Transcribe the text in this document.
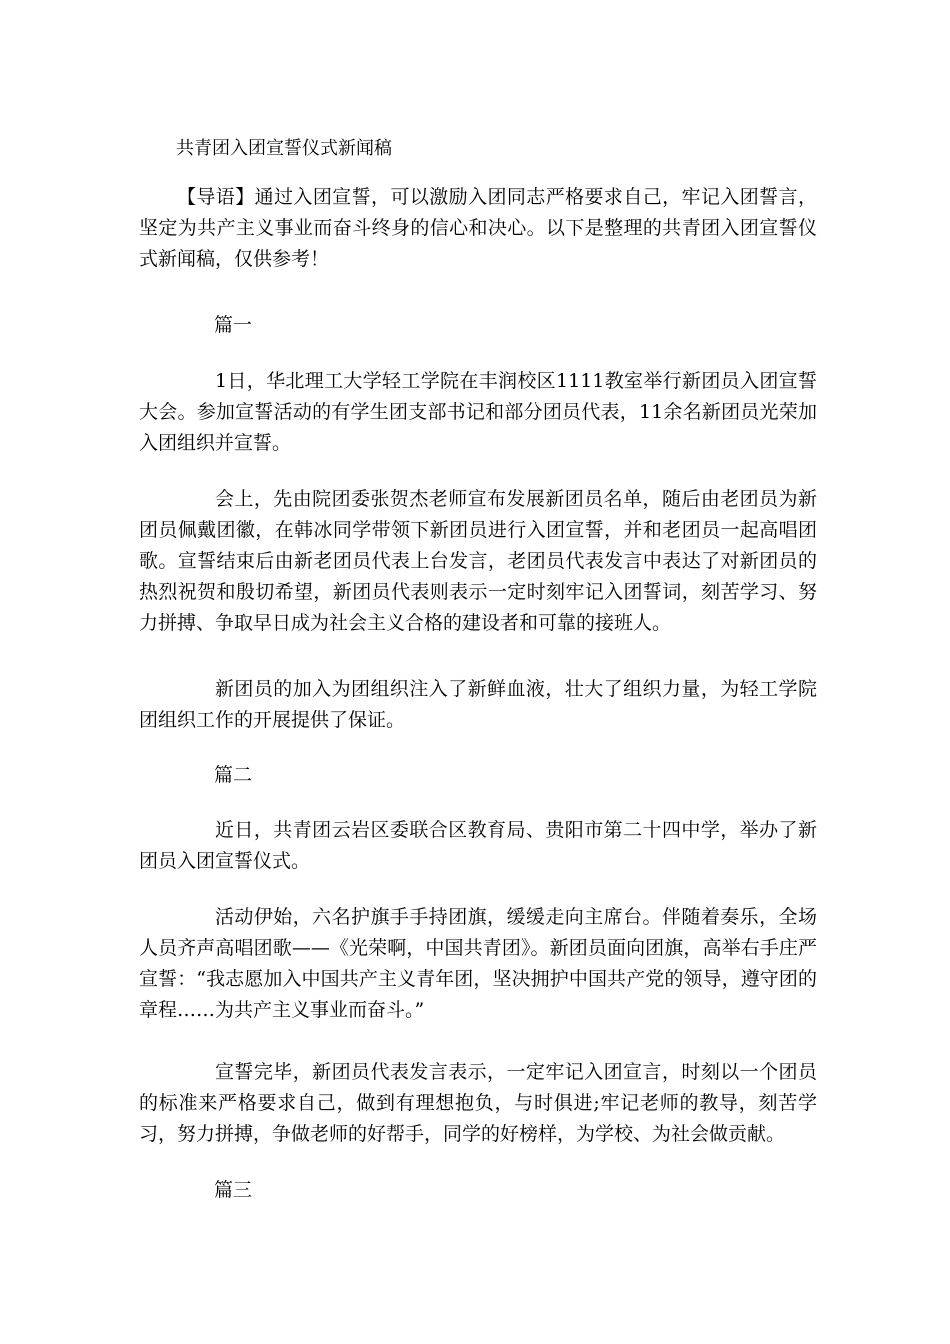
共青团入团宣誓仪式新闻稿

【导语】通过入团宣誓，可以激励入团同志严格要求自己，牢记入团誓言，坚定为共产主义事业而奋斗终身的信心和决心。以下是整理的共青团入团宣誓仪式新闻稿，仅供参考！

篇一

1日，华北理工大学轻工学院在丰润校区1111教室举行新团员入团宣誓大会。参加宣誓活动的有学生团支部书记和部分团员代表，11余名新团员光荣加入团组织并宣誓。

会上，先由院团委张贺杰老师宣布发展新团员名单，随后由老团员为新团员佩戴团徽，在韩冰同学带领下新团员进行入团宣誓，并和老团员一起高唱团歌。宣誓结束后由新老团员代表上台发言，老团员代表发言中表达了对新团员的热烈祝贺和殷切希望，新团员代表则表示一定时刻牢记入团誓词，刻苦学习、努力拼搏、争取早日成为社会主义合格的建设者和可靠的接班人。

新团员的加入为团组织注入了新鲜血液，壮大了组织力量，为轻工学院团组织工作的开展提供了保证。

篇二

近日，共青团云岩区委联合区教育局、贵阳市第二十四中学，举办了新团员入团宣誓仪式。

活动伊始，六名护旗手手持团旗，缓缓走向主席台。伴随着奏乐，全场人员齐声高唱团歌——《光荣啊，中国共青团》。新团员面向团旗，高举右手庄严宣誓：“我志愿加入中国共产主义青年团，坚决拥护中国共产党的领导，遵守团的章程……为共产主义事业而奋斗。”

宣誓完毕，新团员代表发言表示，一定牢记入团宣言，时刻以一个团员的标准来严格要求自己，做到有理想抱负，与时俱进;牢记老师的教导，刻苦学习，努力拼搏，争做老师的好帮手，同学的好榜样，为学校、为社会做贡献。

篇三
